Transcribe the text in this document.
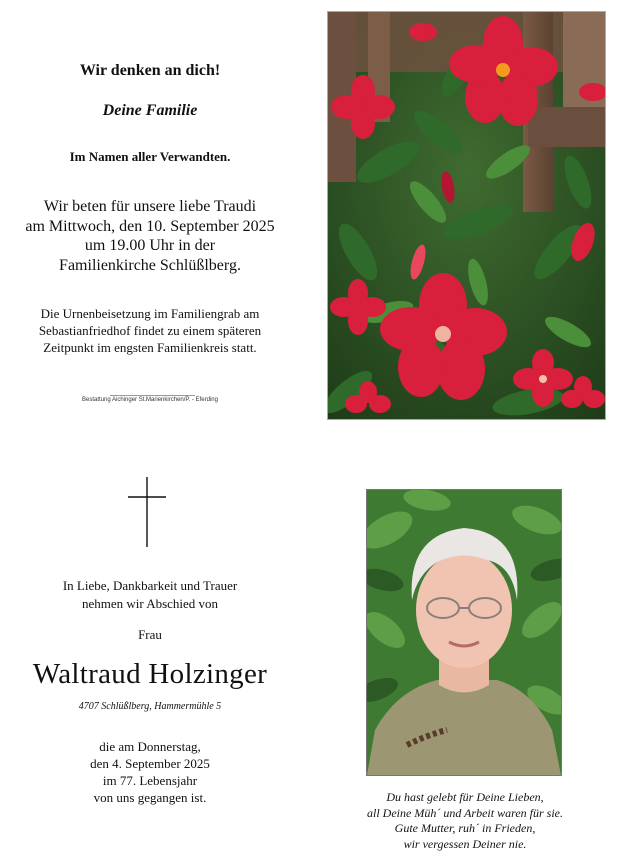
Wir denken an dich!
Deine Familie
Im Namen aller Verwandten.
Wir beten für unsere liebe Traudi
am Mittwoch, den 10. September 2025
um 19.00 Uhr in der
Familienkirche Schlüßlberg.
Die Urnenbeisetzung im Familiengrab am
Sebastianfriedhof findet zu einem späteren
Zeitpunkt im engsten Familienkreis statt.
Bestattung Aichinger St.Marienkirchen/P. - Eferding
In Liebe, Dankbarkeit und Trauer
nehmen wir Abschied von
Frau
Waltraud Holzinger
4707 Schlüßlberg, Hammermühle 5
die am Donnerstag,
den 4. September 2025
im 77. Lebensjahr
von uns gegangen ist.	Du hast gelebt für Deine Lieben,
all Deine Müh´ und Arbeit waren für sie.
Gute Mutter, ruh´ in Frieden,
wir vergessen Deiner nie.
